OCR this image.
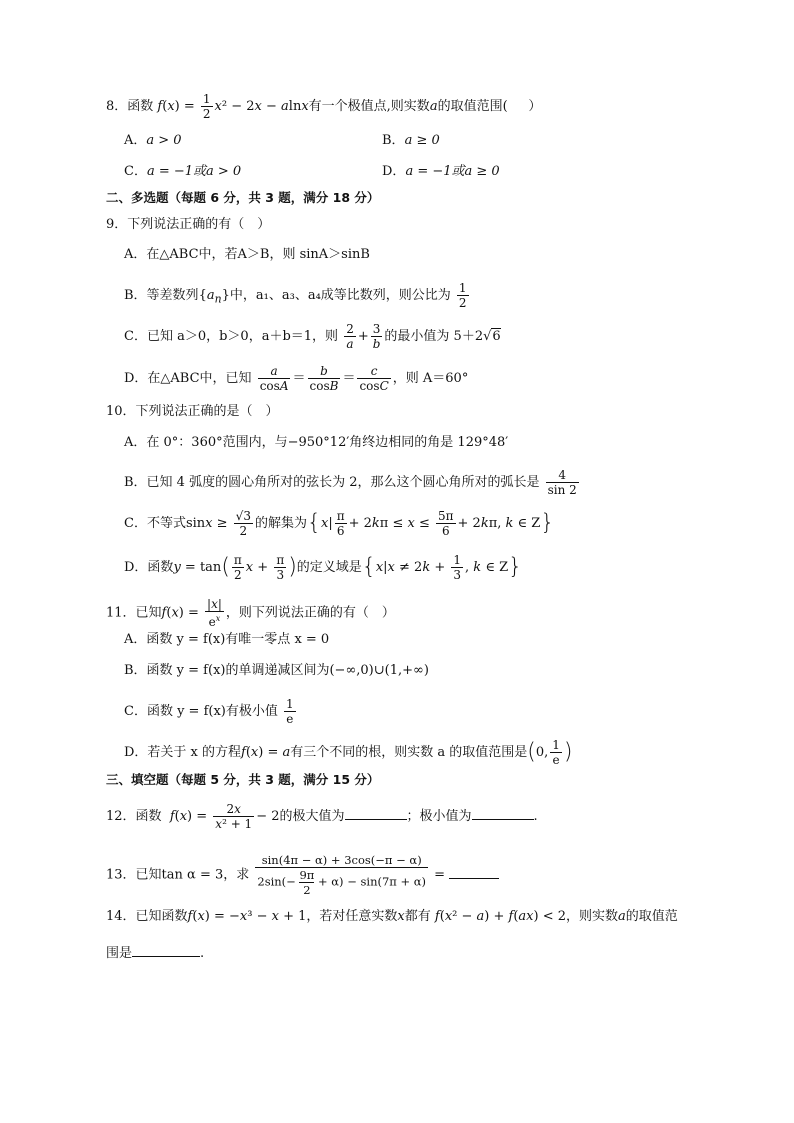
8．函数 $f(x) = \frac{1}{2} x^2 - 2x - alnx$有一个极值点,则实数a的取值范围( ）
A．a > 0	B．a ≥ 0
C．a = −1或a > 0	D．a = −1或a ≥ 0
二、多选题（每题 6 分，共 3 题，满分 18 分）
9．下列说法正确的有（　）
A．在△ABC中，若A＞B，则 sinA＞sinB
B．等差数列$\{a_n\}$中，a₁、a₃、a₄成等比数列，则公比为 $\frac{1}{2}$
C．已知 a＞0，b＞0，a＋b＝1，则 $\frac{2}{a} + \frac{3}{b}$ 的最小值为 5＋2√6
D．在△ABC中，已知 $\frac{a}{\cos A} = \frac{b}{\cos B} = \frac{c}{\cos C}$ ，则 A＝60°
10．下列说法正确的是（　）
A．在 0°：360°范围内，与−950°12′角终边相同的角是 129°48′
B．已知 4 弧度的圆心角所对的弦长为 2，那么这个圆心角所对的弧长是 $\frac{4}{\sin 2}$
C．不等式$\sin x \ge \frac{√3}{2}$ 的解集为{$x| \frac{\pi}{6} + 2k\pi \le x \le \frac{5\pi}{6} + 2k\pi$, k ∈ Z}
D．函数$y = \tan( \frac{\pi}{2}$ $x + \frac{\pi}{3}$ )的定义域是{$x|x \ne 2k + \frac{1}{3}$ , k ∈ Z}
11．已知$f(x) = \frac{|x|}{e^x}$ ，则下列说法正确的有（　）
A．函数 y = f(x)有唯一零点 x = 0
B．函数 y = f(x)的单调递减区间为(−∞,0)∪(1,+∞)
C．函数 y = f(x)有极小值 $\frac{1}{e}$
D．若关于 x 的方程f(x) = a有三个不同的根，则实数 a 的取值范围是(0, $\frac{1}{e}$ )
三、填空题（每题 5 分，共 3 题，满分 15 分）
12．函数 $f(x) = \frac{2x}{\text{x² + 1}} - 2$的极大值为	；极小值为	.
13．已知tan α = 3，求 $\frac{\sin(4\pi - \alpha) + 3\cos(-\pi - \alpha)}{2\sin(- \frac{9\pi}{2} + \alpha) - \sin(7\pi + \alpha)}$ =
14．已知函数f(x) = −x³ − x + 1，若对任意实数x都有 f(x² − a) + f(ax) < 2，则实数a的取值范
围是	.
